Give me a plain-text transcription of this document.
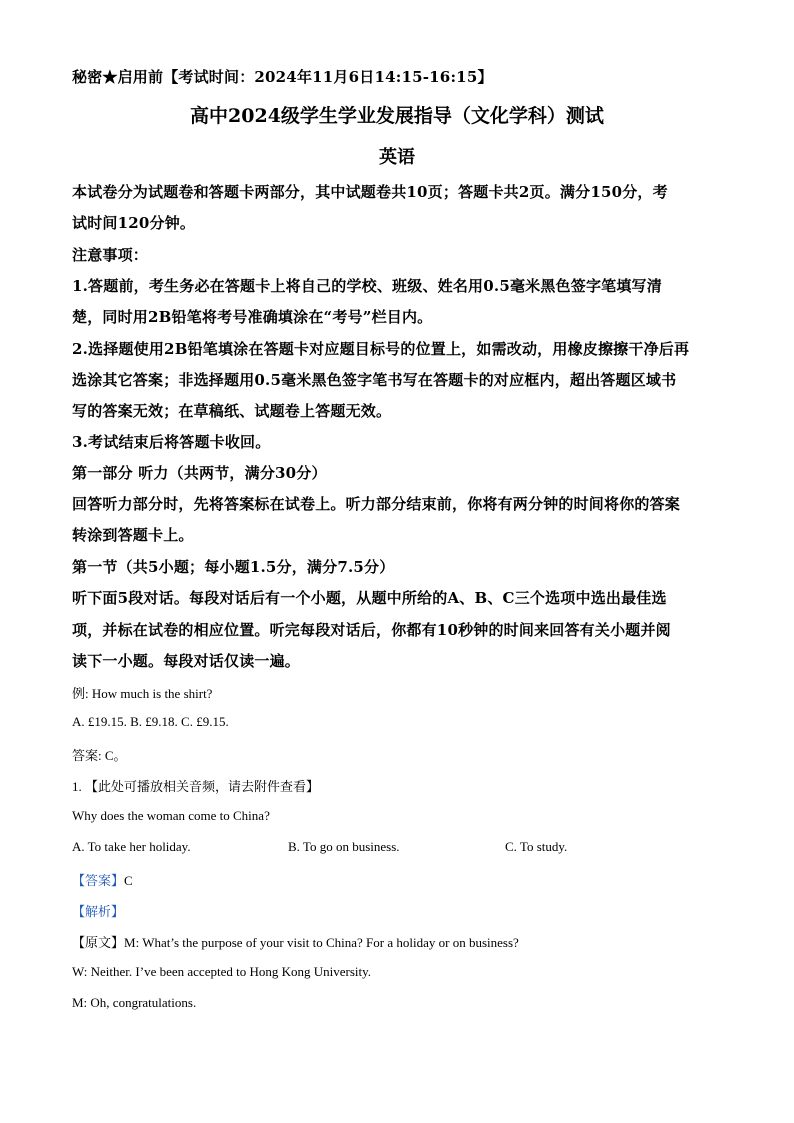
秘密★启用前【考试时间：2024年11月6日14:15-16:15】
高中2024级学生学业发展指导（文化学科）测试
英语
本试卷分为试题卷和答题卡两部分，其中试题卷共10页；答题卡共2页。满分150分，考
试时间120分钟。
注意事项：
1.答题前，考生务必在答题卡上将自己的学校、班级、姓名用0.5毫米黑色签字笔填写清
楚，同时用2B铅笔将考号准确填涂在“考号”栏目内。
2.选择题使用2B铅笔填涂在答题卡对应题目标号的位置上，如需改动，用橡皮擦擦干净后再
选涂其它答案；非选择题用0.5毫米黑色签字笔书写在答题卡的对应框内，超出答题区域书
写的答案无效；在草稿纸、试题卷上答题无效。
3.考试结束后将答题卡收回。
第一部分 听力（共两节，满分30分）
回答听力部分时，先将答案标在试卷上。听力部分结束前，你将有两分钟的时间将你的答案
转涂到答题卡上。
第一节（共5小题；每小题1.5分，满分7.5分）
听下面5段对话。每段对话后有一个小题，从题中所给的A、B、C三个选项中选出最佳选
项，并标在试卷的相应位置。听完每段对话后，你都有10秒钟的时间来回答有关小题并阅
读下一小题。每段对话仅读一遍。
例: How much is the shirt?
A. £19.15. B. £9.18. C. £9.15.
答案: C。
1. 【此处可播放相关音频，请去附件查看】
Why does the woman come to China?
A. To take her holiday.	B. To go on business.	C. To study.
【答案】C
【解析】
【原文】M: What’s the purpose of your visit to China? For a holiday or on business?
W: Neither. I’ve been accepted to Hong Kong University.
M: Oh, congratulations.
